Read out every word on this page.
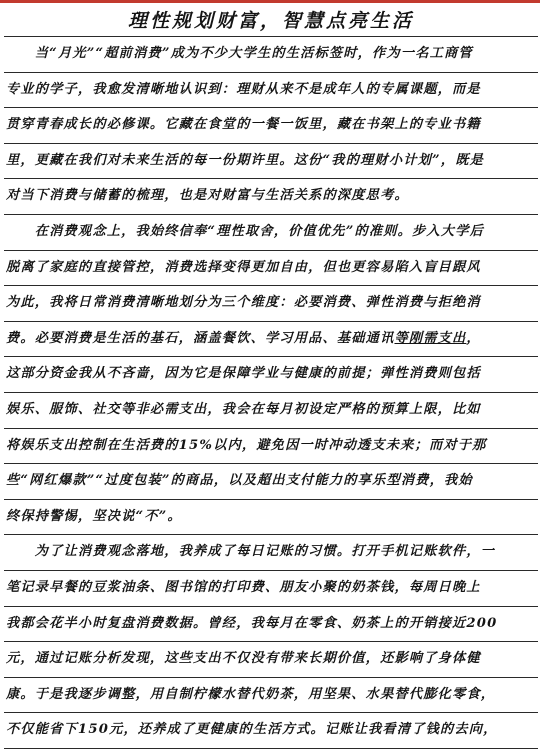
理性规划财富，智慧点亮生活
　　当“月光”“超前消费”成为不少大学生的生活标签时，作为一名工商管
专业的学子，我愈发清晰地认识到：理财从来不是成年人的专属课题，而是
贯穿青春成长的必修课。它藏在食堂的一餐一饭里，藏在书架上的专业书籍
里，更藏在我们对未来生活的每一份期许里。这份“我的理财小计划”，既是
对当下消费与储蓄的梳理，也是对财富与生活关系的深度思考。
　　在消费观念上，我始终信奉“理性取舍，价值优先”的准则。步入大学后
脱离了家庭的直接管控，消费选择变得更加自由，但也更容易陷入盲目跟风
为此，我将日常消费清晰地划分为三个维度：必要消费、弹性消费与拒绝消
费。必要消费是生活的基石，涵盖餐饮、学习用品、基础通讯等刚需支出，
这部分资金我从不吝啬，因为它是保障学业与健康的前提；弹性消费则包括
娱乐、服饰、社交等非必需支出，我会在每月初设定严格的预算上限，比如
将娱乐支出控制在生活费的15%以内，避免因一时冲动透支未来；而对于那
些“网红爆款”“过度包装”的商品，以及超出支付能力的享乐型消费，我始
终保持警惕，坚决说“不”。
　　为了让消费观念落地，我养成了每日记账的习惯。打开手机记账软件，一
笔记录早餐的豆浆油条、图书馆的打印费、朋友小聚的奶茶钱，每周日晚上
我都会花半小时复盘消费数据。曾经，我每月在零食、奶茶上的开销接近200
元，通过记账分析发现，这些支出不仅没有带来长期价值，还影响了身体健
康。于是我逐步调整，用自制柠檬水替代奶茶，用坚果、水果替代膨化零食，
不仅能省下150元，还养成了更健康的生活方式。记账让我看清了钱的去向，
